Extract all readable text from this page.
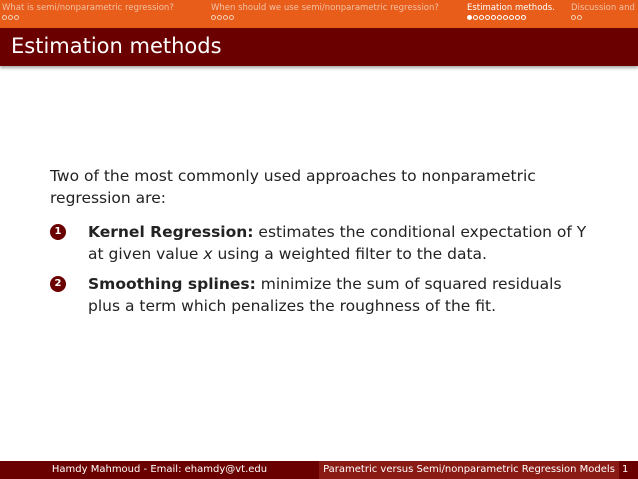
What is semi/nonparametric regression?	When should we use semi/nonparametric regression?	Estimation methods. Discussion and
Estimation methods

Two of the most commonly used approaches to nonparametric regression are:

1 Kernel Regression: estimates the conditional expectation of Y at given value x using a weighted filter to the data.
2 Smoothing splines: minimize the sum of squared residuals plus a term which penalizes the roughness of the fit.
Hamdy Mahmoud - Email: ehamdy@vt.edu	Parametric versus Semi/nonparametric Regression Models 1
